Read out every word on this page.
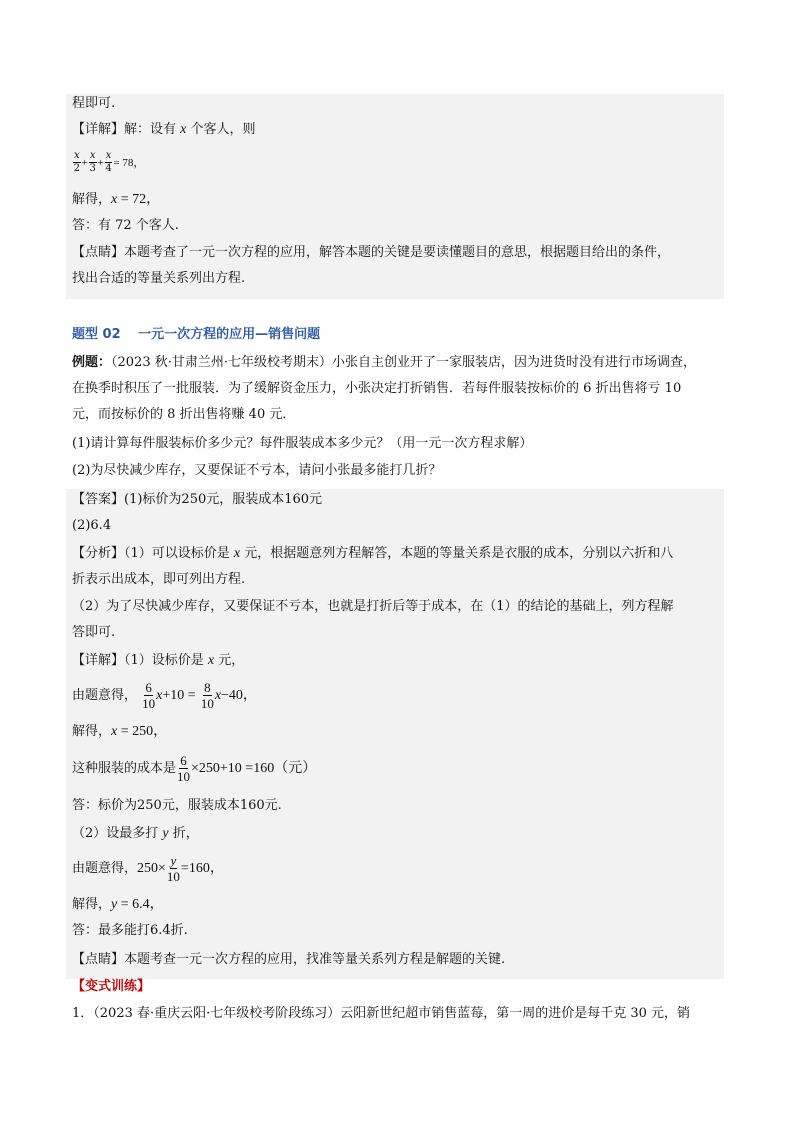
程即可.
【详解】解：设有 x 个客人，则
$\frac{x}{2} + \frac{x}{3} + \frac{x}{4} = 78$，
解得，x = 72，
答：有 72 个客人.
【点睛】本题考查了一元一次方程的应用，解答本题的关键是要读懂题目的意思，根据题目给出的条件，
找出合适的等量关系列出方程.
题型 02　 一元一次方程的应用—销售问题
例题：（2023 秋·甘肃兰州·七年级校考期末）小张自主创业开了一家服装店，因为进货时没有进行市场调查，
在换季时积压了一批服装．为了缓解资金压力，小张决定打折销售．若每件服装按标价的 6 折出售将亏 10
元，而按标价的 8 折出售将赚 40 元．
(1)请计算每件服装标价多少元？每件服装成本多少元？（用一元一次方程求解）
(2)为尽快减少库存，又要保证不亏本，请问小张最多能打几折？
【答案】(1)标价为250元，服装成本160元
(2)6.4
【分析】（1）可以设标价是 x 元，根据题意列方程解答，本题的等量关系是衣服的成本，分别以六折和八
折表示出成本，即可列出方程.
（2）为了尽快减少库存，又要保证不亏本，也就是打折后等于成本，在（1）的结论的基础上，列方程解
答即可.
【详解】（1）设标价是 x 元，
由题意得， $\frac{6}{10} x+10 = \frac{8}{10} x-40$，
解得，x = 250，
这种服装的成本是 $\frac{6}{10} \times 250+10 =160$（元）
答：标价为250元，服装成本160元.
（2）设最多打 y 折，
由题意得，$250\times \frac{y}{10} =160$，
解得，y = 6.4，
答：最多能打6.4折.
【点睛】本题考查一元一次方程的应用，找准等量关系列方程是解题的关键.
【变式训练】
1．（2023 春·重庆云阳·七年级校考阶段练习）云阳新世纪超市销售蓝莓，第一周的进价是每千克 30 元，销
